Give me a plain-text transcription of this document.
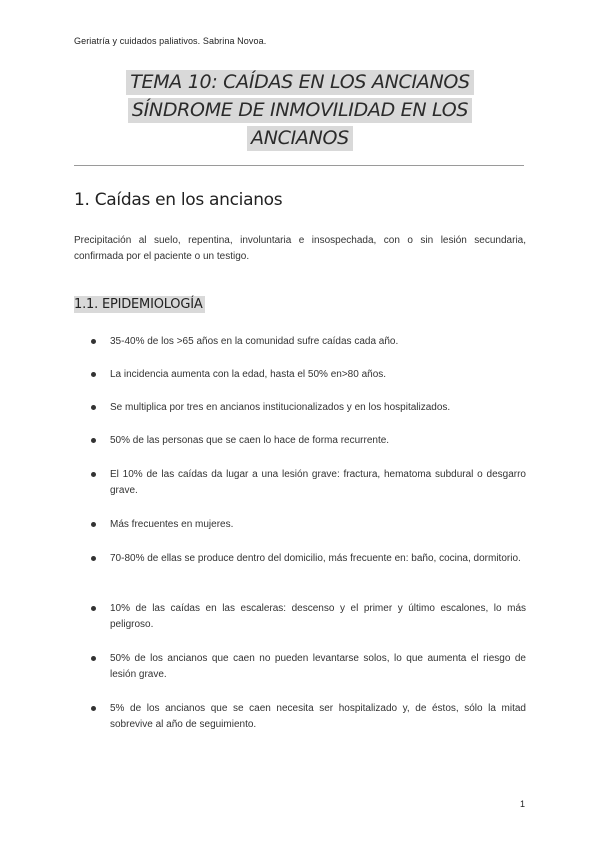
Geriatría y cuidados paliativos. Sabrina Novoa.
TEMA 10: CAÍDAS EN LOS ANCIANOS
SÍNDROME DE INMOVILIDAD EN LOS
ANCIANOS
1. Caídas en los ancianos
Precipitación al suelo, repentina, involuntaria e insospechada, con o sin lesión secundaria, confirmada por el paciente o un testigo.
1.1. EPIDEMIOLOGÍA
35-40% de los >65 años en la comunidad sufre caídas cada año.
La incidencia aumenta con la edad, hasta el 50% en>80 años.
Se multiplica por tres en ancianos institucionalizados y en los hospitalizados.
50% de las personas que se caen lo hace de forma recurrente.
El 10% de las caídas da lugar a una lesión grave: fractura, hematoma subdural o desgarro grave.
Más frecuentes en mujeres.
70-80% de ellas se produce dentro del domicilio, más frecuente en: baño, cocina, dormitorio.
10% de las caídas en las escaleras: descenso y el primer y último escalones, lo más peligroso.
50% de los ancianos que caen no pueden levantarse solos, lo que aumenta el riesgo de lesión grave.
5% de los ancianos que se caen necesita ser hospitalizado y, de éstos, sólo la mitad sobrevive al año de seguimiento.
1
